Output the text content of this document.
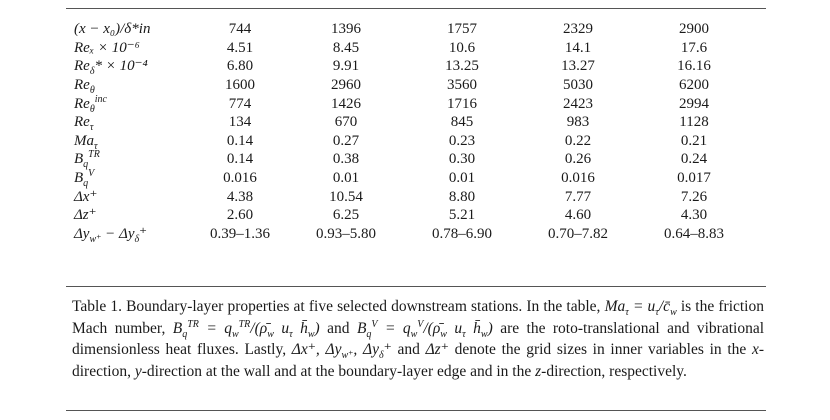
(x − x₀)/δ*in	744	1396	1757	2329	2900
Reₓ × 10⁻⁶	4.51	8.45	10.6	14.1	17.6
$Re_\delta* \times 10^{-4}$	6.80	9.91	13.25	13.27	16.16
$Re_\theta$	1600	2960	3560	5030	6200
$Re_\theta^{inc}$	774	1426	1716	2423	2994
$Re_\tau$	134	670	845	983	1128
$Ma_\tau$	0.14	0.27	0.23	0.22	0.21
$B_q^{TR}$	0.14	0.38	0.30	0.26	0.24
$B_q^V$	0.016	0.01	0.01	0.016	0.017
Δx⁺	4.38	10.54	8.80	7.77	7.26
Δz⁺	2.60	6.25	5.21	4.60	4.30
$\Delta y_{w^+} - \Delta y_\delta^+$	0.39–1.36	0.93–5.80	0.78–6.90	0.70–7.82	0.64–8.83
Table 1. Boundary-layer properties at five selected downstream stations. In the table, $Ma_\tau$ = $u_\tau/c̄_w$ is the friction Mach number, $B_q^{TR}$ = $q_w^{TR}/(\rhō_w$ $u_\tau$ $h̄_w$) and $B_q^V$ = $q_w^V/(\rhō_w$ $u_\tau$ $h̄_w$) are the roto-translational and vibrational dimensionless heat fluxes. Lastly, Δx⁺, $\Delta y_{w^+}$, $\Delta y_\delta^+$ and Δz⁺ denote the grid sizes in inner variables in the x-direction, y-direction at the wall and at the boundary-layer edge and in the z-direction, respectively.
